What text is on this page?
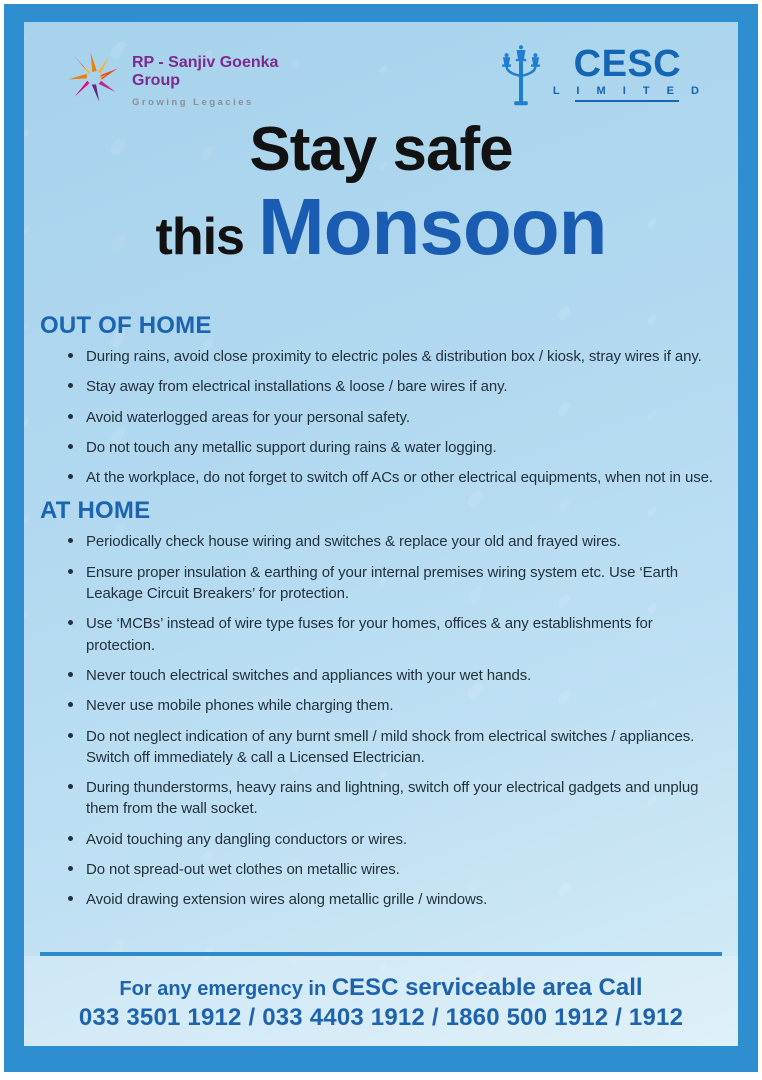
RP - Sanjiv Goenka
Group
Growing Legacies
CESC
L I M I T E D
Stay safe
this Monsoon
OUT OF HOME
During rains, avoid close proximity to electric poles & distribution box / kiosk, stray wires if any.
Stay away from electrical installations & loose / bare wires if any.
Avoid waterlogged areas for your personal safety.
Do not touch any metallic support during rains & water logging.
At the workplace, do not forget to switch off ACs or other electrical equipments, when not in use.
AT HOME
Periodically check house wiring and switches & replace your old and frayed wires.
Ensure proper insulation & earthing of your internal premises wiring system etc. Use ‘Earth Leakage Circuit Breakers’ for protection.
Use ‘MCBs’ instead of wire type fuses for your homes, offices & any establishments for protection.
Never touch electrical switches and appliances with your wet hands.
Never use mobile phones while charging them.
Do not neglect indication of any burnt smell / mild shock from electrical switches / appliances. Switch off immediately & call a Licensed Electrician.
During thunderstorms, heavy rains and lightning, switch off your electrical gadgets and unplug them from the wall socket.
Avoid touching any dangling conductors or wires.
Do not spread-out wet clothes on metallic wires.
Avoid drawing extension wires along metallic grille / windows.
For any emergency in CESC serviceable area Call
033 3501 1912 / 033 4403 1912 / 1860 500 1912 / 1912
